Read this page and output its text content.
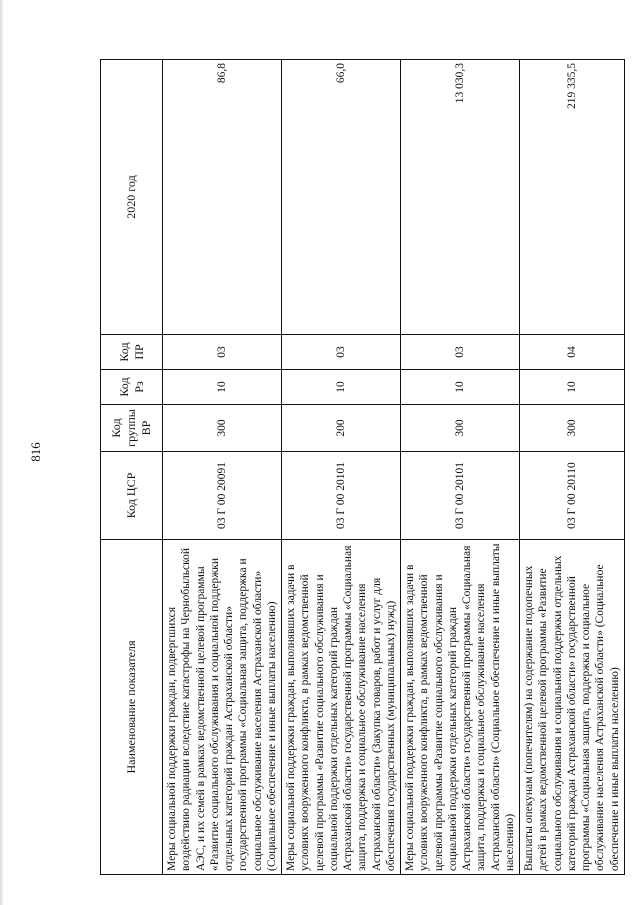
816
Наименование показателя	Код ЦСР	Код группы ВР	Код Рз	Код ПР	2020 год
Меры социальной поддержки граждан, подвергшихся воздействию радиации вследствие катастрофы на Чернобыльской АЭС, и их семей в рамках ведомственной целевой программы «Развитие социального обслуживания и социальной поддержки отдельных категорий граждан Астраханской области» государственной программы «Социальная защита, поддержка и социальное обслуживание населения Астраханской области» (Социальное обеспечение и иные выплаты населению)	03 Г 00 20091	300	10	03	86,8
Меры социальной поддержки граждан, выполнявших задачи в условиях вооруженного конфликта, в рамках ведомственной целевой программы «Развитие социального обслуживания и социальной поддержки отдельных категорий граждан Астраханской области» государственной программы «Социальная защита, поддержка и социальное обслуживание населения Астраханской области» (Закупка товаров, работ и услуг для обеспечения государственных (муниципальных) нужд)	03 Г 00 20101	200	10	03	66,0
Меры социальной поддержки граждан, выполнявших задачи в условиях вооруженного конфликта, в рамках ведомственной целевой программы «Развитие социального обслуживания и социальной поддержки отдельных категорий граждан Астраханской области» государственной программы «Социальная защита, поддержка и социальное обслуживание населения Астраханской области» (Социальное обеспечение и иные выплаты населению)	03 Г 00 20101	300	10	03	13 030,3
Выплаты опекунам (попечителям) на содержание подопечных детей в рамках ведомственной целевой программы «Развитие социального обслуживания и социальной поддержки отдельных категорий граждан Астраханской области» государственной программы «Социальная защита, поддержка и социальное обслуживание населения Астраханской области» (Социальное обеспечение и иные выплаты населению)	03 Г 00 20110	300	10	04	219 335,5
